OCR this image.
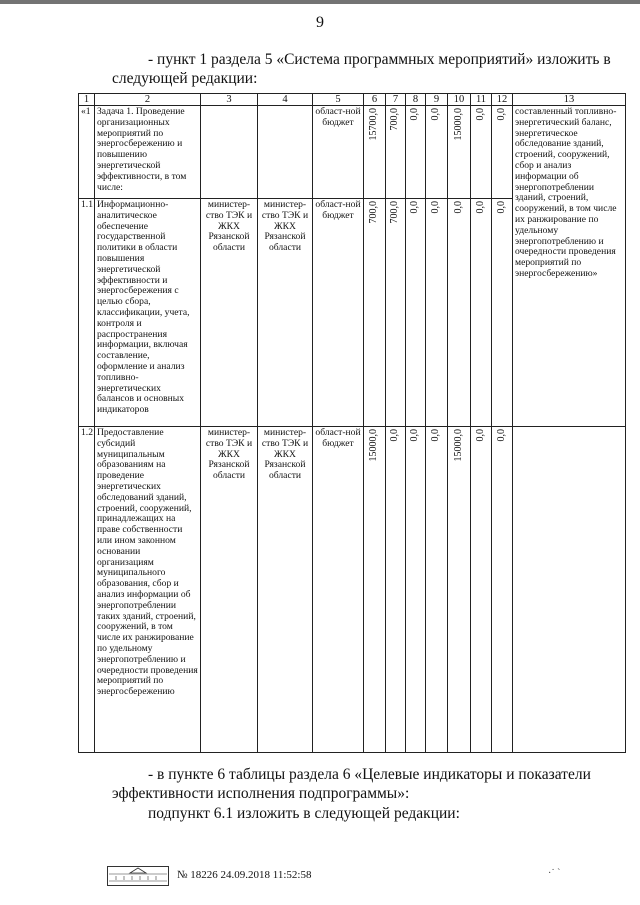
9
- пункт 1 раздела 5 «Система программных мероприятий» изложить в
следующей редакции:
1	2	3	4	5	6	7	8	9	10	11	12	13
«1	Задача 1. Проведение организационных мероприятий по энергосбережению и повышению энергетической эффективности, в том числе:			област-ной бюджет	15700,0	700,0	0,0	0,0	15000,0	0,0	0,0	составленный топливно-энергетический баланс, энергетическое обследование зданий, строений, сооружений, сбор и анализ информации об энергопотреблении зданий, строений, сооружений, в том числе их ранжирование по удельному энергопотреблению и очередности проведения мероприятий по энергосбережению»
1.1	Информационно-аналитическое обеспечение государственной политики в области повышения энергетической эффективности и энергосбережения с целью сбора, классификации, учета, контроля и распространения информации, включая составление, оформление и анализ топливно-энергетических балансов и основных индикаторов	министер-ство ТЭК и ЖКХ Рязанской области	министер-ство ТЭК и ЖКХ Рязанской области	област-ной бюджет	700,0	700,0	0,0	0,0	0,0	0,0	0,0	
1.2	Предоставление субсидий муниципальным образованиям на проведение энергетических обследований зданий, строений, сооружений, принадлежащих на праве собственности или ином законном основании организациям муниципального образования, сбор и анализ информации об энергопотреблении таких зданий, строений, сооружений, в том числе их ранжирование по удельному энергопотреблению и очередности проведения мероприятий по энергосбережению	министер-ство ТЭК и ЖКХ Рязанской области	министер-ство ТЭК и ЖКХ Рязанской области	област-ной бюджет	15000,0	0,0	0,0	0,0	15000,0	0,0	0,0	
- в пункте 6 таблицы раздела 6 «Целевые индикаторы и показатели
эффективности исполнения подпрограммы»:
подпункт 6.1 изложить в следующей редакции:
№ 18226 24.09.2018 11:52:58	·˙ ˋ
